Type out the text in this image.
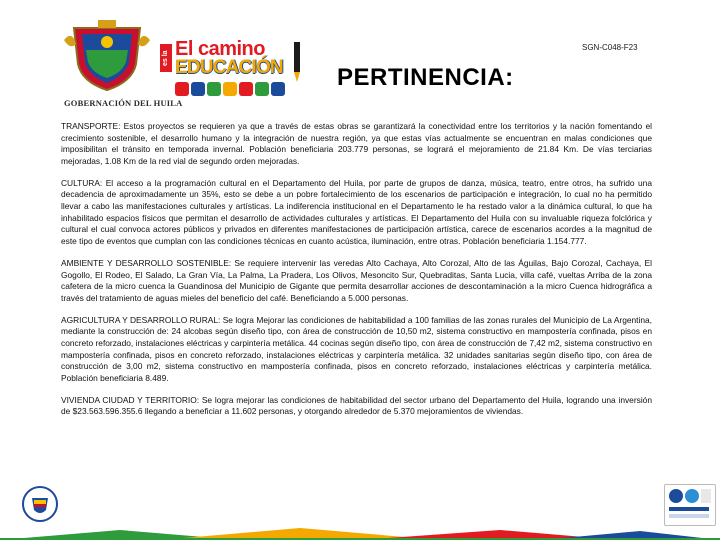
GOBERNACIÓN DEL HUILA
es la El camino
EDUCACIÓN
SGN-C048-F23
PERTINENCIA:

TRANSPORTE: Estos proyectos se requieren ya que a través de estas obras se garantizará la conectividad entre los territorios y la nación fomentando el crecimiento sostenible, el desarrollo humano y la integración de nuestra región, ya que estas vías actualmente se encuentran en malas condiciones que imposibilitan el tránsito en temporada invernal. Población beneficiaria 203.779 personas, se logrará el mejoramiento de 21.84 Km. De vías terciarias mejoradas, 1.08 Km de la red vial de segundo orden mejoradas.

CULTURA: El acceso a la programación cultural en el Departamento del Huila, por parte de grupos de danza, música, teatro, entre otros, ha sufrido una decadencia de aproximadamente un 35%, esto se debe a un pobre fortalecimiento de los escenarios de participación e integración, lo cual no ha permitido llevar a cabo las manifestaciones culturales y artísticas. La indiferencia institucional en el Departamento le ha restado valor a la dinámica cultural, lo que ha inhabilitado espacios físicos que permitan el desarrollo de actividades culturales y artísticas. El Departamento del Huila con su invaluable riqueza folclórica y cultural el cual convoca actores públicos y privados en diferentes manifestaciones de participación artística, carece de escenarios acordes a la magnitud de este tipo de eventos que cumplan con las condiciones técnicas en cuanto acústica, iluminación, entre otras. Población beneficiaria 1.154.777.

AMBIENTE Y DESARROLLO SOSTENIBLE: Se requiere intervenir las veredas Alto Cachaya, Alto Corozal, Alto de las Águilas, Bajo Corozal, Cachaya, El Gogollo, El Rodeo, El Salado, La Gran Vía, La Palma, La Pradera, Los Olivos, Mesoncito Sur, Quebraditas, Santa Lucia, villa café, vueltas Arriba de la zona cafetera de la micro cuenca la Guandinosa del Municipio de Gigante que permita desarrollar acciones de descontaminación a la micro Cuenca hidrográfica a través del tratamiento de aguas mieles del beneficio del café. Beneficiando a 5.000 personas.

AGRICULTURA Y DESARROLLO RURAL: Se logra Mejorar las condiciones de habitabilidad a 100 familias de las zonas rurales del Municipio de La Argentina, mediante la construcción de: 24 alcobas según diseño tipo, con área de construcción de 10,50 m2, sistema constructivo en mampostería confinada, pisos en concreto reforzado, instalaciones eléctricas y carpintería metálica. 44 cocinas según diseño tipo, con área de construcción de 7,42 m2, sistema constructivo en mampostería confinada, pisos en concreto reforzado, instalaciones eléctricas y carpintería metálica. 32 unidades sanitarias según diseño tipo, con área de construcción de 3,00 m2, sistema constructivo en mampostería confinada, pisos en concreto reforzado, instalaciones eléctricas y carpintería metálica. Población beneficiaria 8.489.

VIVIENDA CIUDAD Y TERRITORIO: Se logra mejorar las condiciones de habitabilidad del sector urbano del Departamento del Huila, logrando una inversión de $23.563.596.355.6 llegando a beneficiar a 11.602 personas, y otorgando alrededor de 5.370 mejoramientos de viviendas.
